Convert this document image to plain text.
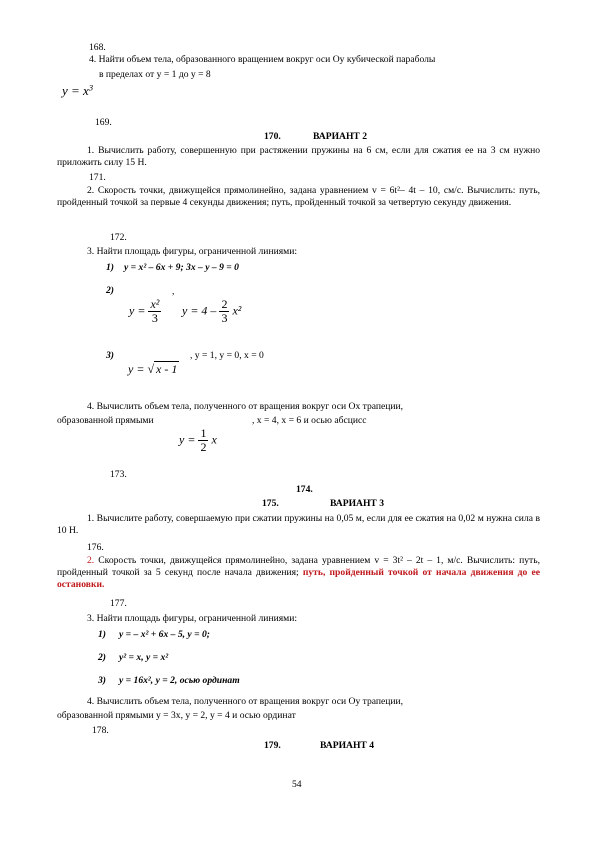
168.
4. Найти объем тела, образованного вращением вокруг оси Oy кубической параболы
в пределах от y = 1 до y = 8
$y = x^3$
169.
170.	ВАРИАНТ 2
1. Вычислить работу, совершенную при растяжении пружины на 6 см, если для сжатия ее на 3 см нужно приложить силу 15 Н.
171.
2. Скорость точки, движущейся прямолинейно, задана уравнением v = 6t²– 4t – 10, см/с. Вычислить: путь, пройденный точкой за первые 4 секунды движения; путь, пройденный точкой за четвертую секунду движения.
172.
3. Найти площадь фигуры, ограниченной линиями:
1) y = x² – 6x + 9; 3x – y – 9 = 0
2)	,
$y = \frac{\text{x²}}{3}$ $y = 4 - \frac{2}{3} x^2$
3)	, y = 1, y = 0, x = 0
y = √ x - 1
4. Вычислить объем тела, полученного от вращения вокруг оси Ox трапеции,
образованной прямыми	, x = 4, x = 6 и осью абсцисс
$y = \frac{1}{2}$ x
173.
174.
175.	ВАРИАНТ 3
1. Вычислите работу, совершаемую при сжатии пружины на 0,05 м, если для ее сжатия на 0,02 м нужна сила в 10 Н.
176.
2. Скорость точки, движущейся прямолинейно, задана уравнением v = 3t² – 2t – 1, м/с. Вычислить: путь, пройденный точкой за 5 секунд после начала движения; путь, пройденный точкой от начала движения до ее остановки.
177.
3. Найти площадь фигуры, ограниченной линиями:
1) y = – x² + 6x – 5, y = 0;
2) y² = x, y = x²
3) y = 16x², y = 2, осью ординат
4. Вычислить объем тела, полученного от вращения вокруг оси Oy трапеции,
образованной прямыми y = 3x, y = 2, y = 4 и осью ординат
178.
179.	ВАРИАНТ 4
54
